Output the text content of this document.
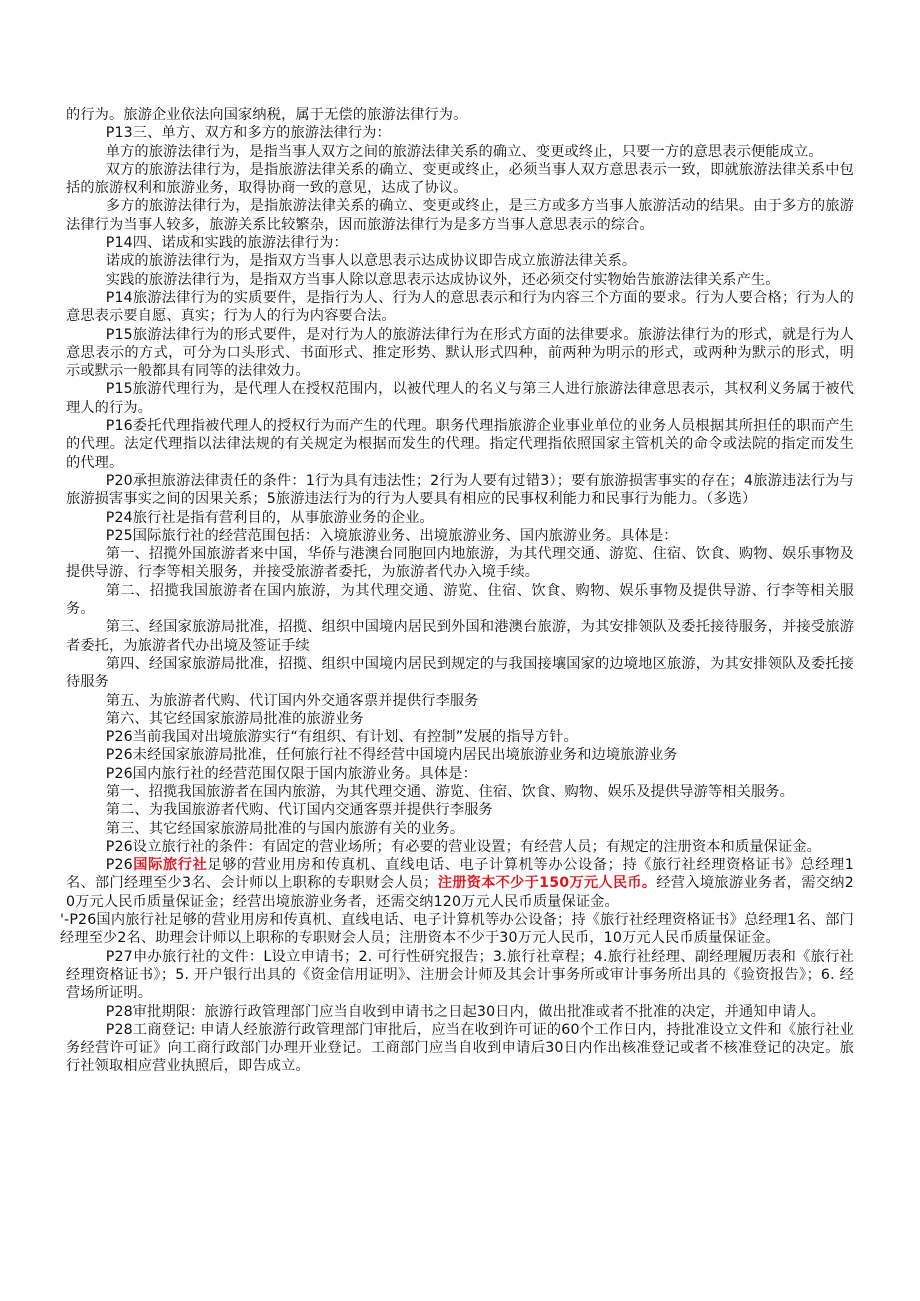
的行为。旅游企业依法向国家纳税，属于无偿的旅游法律行为。

P13三、单方、双方和多方的旅游法律行为：

单方的旅游法律行为，是指当事人双方之间的旅游法律关系的确立、变更或终止，只要一方的意思表示便能成立。

双方的旅游法律行为，是指旅游法律关系的确立、变更或终止，必须当事人双方意思表示一致，即就旅游法律关系中包括的旅游权利和旅游业务，取得协商一致的意见，达成了协议。

多方的旅游法律行为，是指旅游法律关系的确立、变更或终止，是三方或多方当事人旅游活动的结果。由于多方的旅游法律行为当事人较多，旅游关系比较繁杂，因而旅游法律行为是多方当事人意思表示的综合。

P14四、诺成和实践的旅游法律行为：

诺成的旅游法律行为，是指双方当事人以意思表示达成协议即告成立旅游法律关系。

实践的旅游法律行为，是指双方当事人除以意思表示达成协议外，还必须交付实物始告旅游法律关系产生。

P14旅游法律行为的实质要件，是指行为人、行为人的意思表示和行为内容三个方面的要求。行为人要合格；行为人的意思表示要自愿、真实；行为人的行为内容要合法。

P15旅游法律行为的形式要件，是对行为人的旅游法律行为在形式方面的法律要求。旅游法律行为的形式，就是行为人意思表示的方式，可分为口头形式、书面形式、推定形势、默认形式四种，前两种为明示的形式，或两种为默示的形式，明示或默示一般都具有同等的法律效力。

P15旅游代理行为，是代理人在授权范围内，以被代理人的名义与第三人进行旅游法律意思表示，其权利义务属于被代理人的行为。

P16委托代理指被代理人的授权行为而产生的代理。职务代理指旅游企业事业单位的业务人员根据其所担任的职而产生的代理。法定代理指以法律法规的有关规定为根据而发生的代理。指定代理指依照国家主管机关的命令或法院的指定而发生的代理。

P20承担旅游法律责任的条件：1行为具有违法性；2行为人要有过错3）；要有旅游损害事实的存在；4旅游违法行为与旅游损害事实之间的因果关系；5旅游违法行为的行为人要具有相应的民事权利能力和民事行为能力。（多选）

P24旅行社是指有营利目的，从事旅游业务的企业。

P25国际旅行社的经营范围包括：入境旅游业务、出境旅游业务、国内旅游业务。具体是：

第一、招揽外国旅游者来中国，华侨与港澳台同胞回内地旅游，为其代理交通、游览、住宿、饮食、购物、娱乐事物及提供导游、行李等相关服务，并接受旅游者委托，为旅游者代办入境手续。

第二、招揽我国旅游者在国内旅游，为其代理交通、游览、住宿、饮食、购物、娱乐事物及提供导游、行李等相关服务。

第三、经国家旅游局批准，招揽、组织中国境内居民到外国和港澳台旅游，为其安排领队及委托接待服务，并接受旅游者委托，为旅游者代办出境及签证手续

第四、经国家旅游局批准，招揽、组织中国境内居民到规定的与我国接壤国家的边境地区旅游，为其安排领队及委托接待服务

第五、为旅游者代购、代订国内外交通客票并提供行李服务

第六、其它经国家旅游局批准的旅游业务

P26当前我国对出境旅游实行“有组织、有计划、有控制”发展的指导方针。

P26未经国家旅游局批准，任何旅行社不得经营中国境内居民出境旅游业务和边境旅游业务

P26国内旅行社的经营范围仅限于国内旅游业务。具体是：

第一、招揽我国旅游者在国内旅游，为其代理交通、游览、住宿、饮食、购物、娱乐及提供导游等相关服务。

第二、为我国旅游者代购、代订国内交通客票并提供行李服务

第三、其它经国家旅游局批准的与国内旅游有关的业务。

P26设立旅行社的条件：有固定的营业场所；有必要的营业设置；有经营人员；有规定的注册资本和质量保证金。

P26国际旅行社足够的营业用房和传真机、直线电话、电子计算机等办公设备；持《旅行社经理资格证书》总经理1名、部门经理至少3名、会计师以上职称的专职财会人员；注册资本不少于150万元人民币。经营入境旅游业务者，需交纳20万元人民币质量保证金；经营出境旅游业务者，还需交纳120万元人民币质量保证金。

'-P26国内旅行社足够的营业用房和传真机、直线电话、电子计算机等办公设备；持《旅行社经理资格证书》总经理1名、部门经理至少2名、助理会计师以上职称的专职财会人员；注册资本不少于30万元人民币，10万元人民币质量保证金。

P27申办旅行社的文件：L设立申请书；2. 可行性研究报告；3.旅行社章程；4.旅行社经理、副经理履历表和《旅行社经理资格证书》；5. 开户银行出具的《资金信用证明》、注册会计师及其会计事务所或审计事务所出具的《验资报告》；6. 经营场所证明。

P28审批期限：旅游行政管理部门应当自收到申请书之日起30日内，做出批准或者不批准的决定，并通知申请人。

P28工商登记: 申请人经旅游行政管理部门审批后，应当在收到许可证的60个工作日内，持批准设立文件和《旅行社业务经营许可证》向工商行政部门办理开业登记。工商部门应当自收到申请后30日内作出核准登记或者不核准登记的决定。旅行社领取相应营业执照后，即告成立。
